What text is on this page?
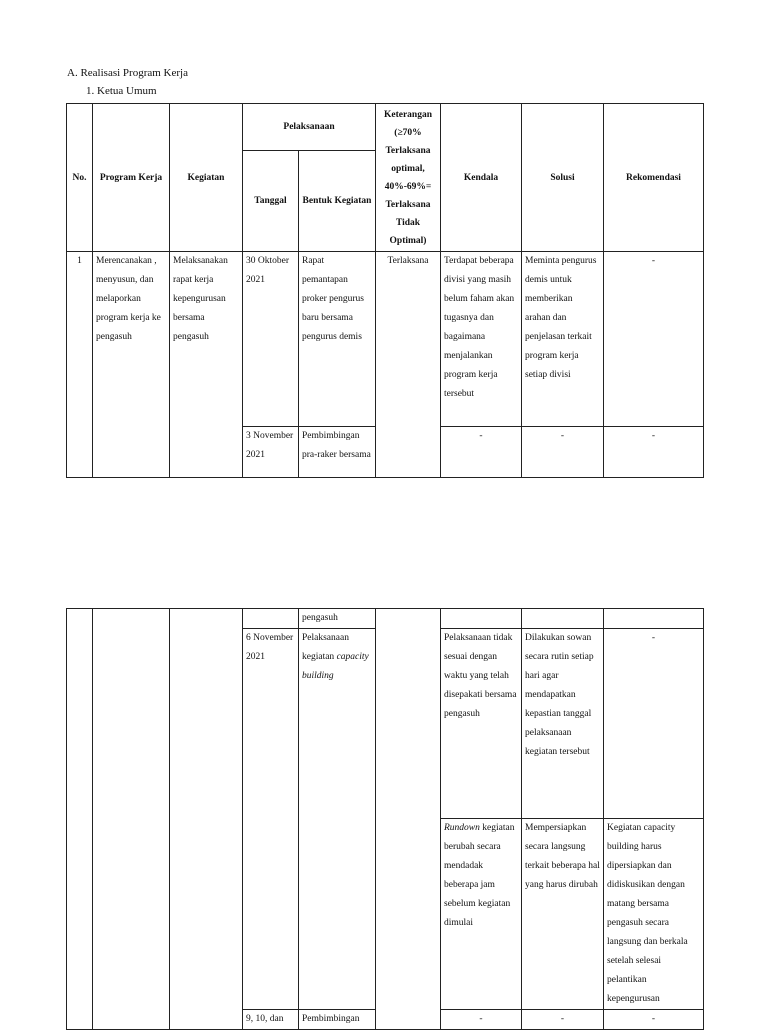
A. Realisasi Program Kerja
1. Ketua Umum
No.	Program Kerja	Kegiatan	Pelaksanaan		Keterangan (≥70% Terlaksana optimal, 40%-69%= Terlaksana Tidak Optimal)	Kendala	Solusi	Rekomendasi
			Tanggal	Bentuk Kegiatan				
1	Merencanakan , menyusun, dan melaporkan program kerja ke pengasuh	Melaksanakan rapat kerja kepengurusan bersama pengasuh	30 Oktober 2021	Rapat pemantapan proker pengurus baru bersama pengurus demis	Terlaksana	Terdapat beberapa divisi yang masih belum faham akan tugasnya dan bagaimana menjalankan program kerja tersebut	Meminta pengurus demis untuk memberikan arahan dan penjelasan terkait program kerja setiap divisi	-
			3 November 2021	Pembimbingan pra-raker bersama		-	-	-
				pengasuh				
			6 November 2021	Pelaksanaan kegiatan capacity building		Pelaksanaan tidak sesuai dengan waktu yang telah disepakati bersama pengasuh	Dilakukan sowan secara rutin setiap hari agar mendapatkan kepastian tanggal pelaksanaan kegiatan tersebut	-
						Rundown kegiatan berubah secara mendadak beberapa jam sebelum kegiatan dimulai	Mempersiapkan secara langsung terkait beberapa hal yang harus dirubah	Kegiatan capacity building harus dipersiapkan dan didiskusikan dengan matang bersama pengasuh secara langsung dan berkala setelah selesai pelantikan kepengurusan
			9, 10, dan	Pembimbingan		-	-	-
